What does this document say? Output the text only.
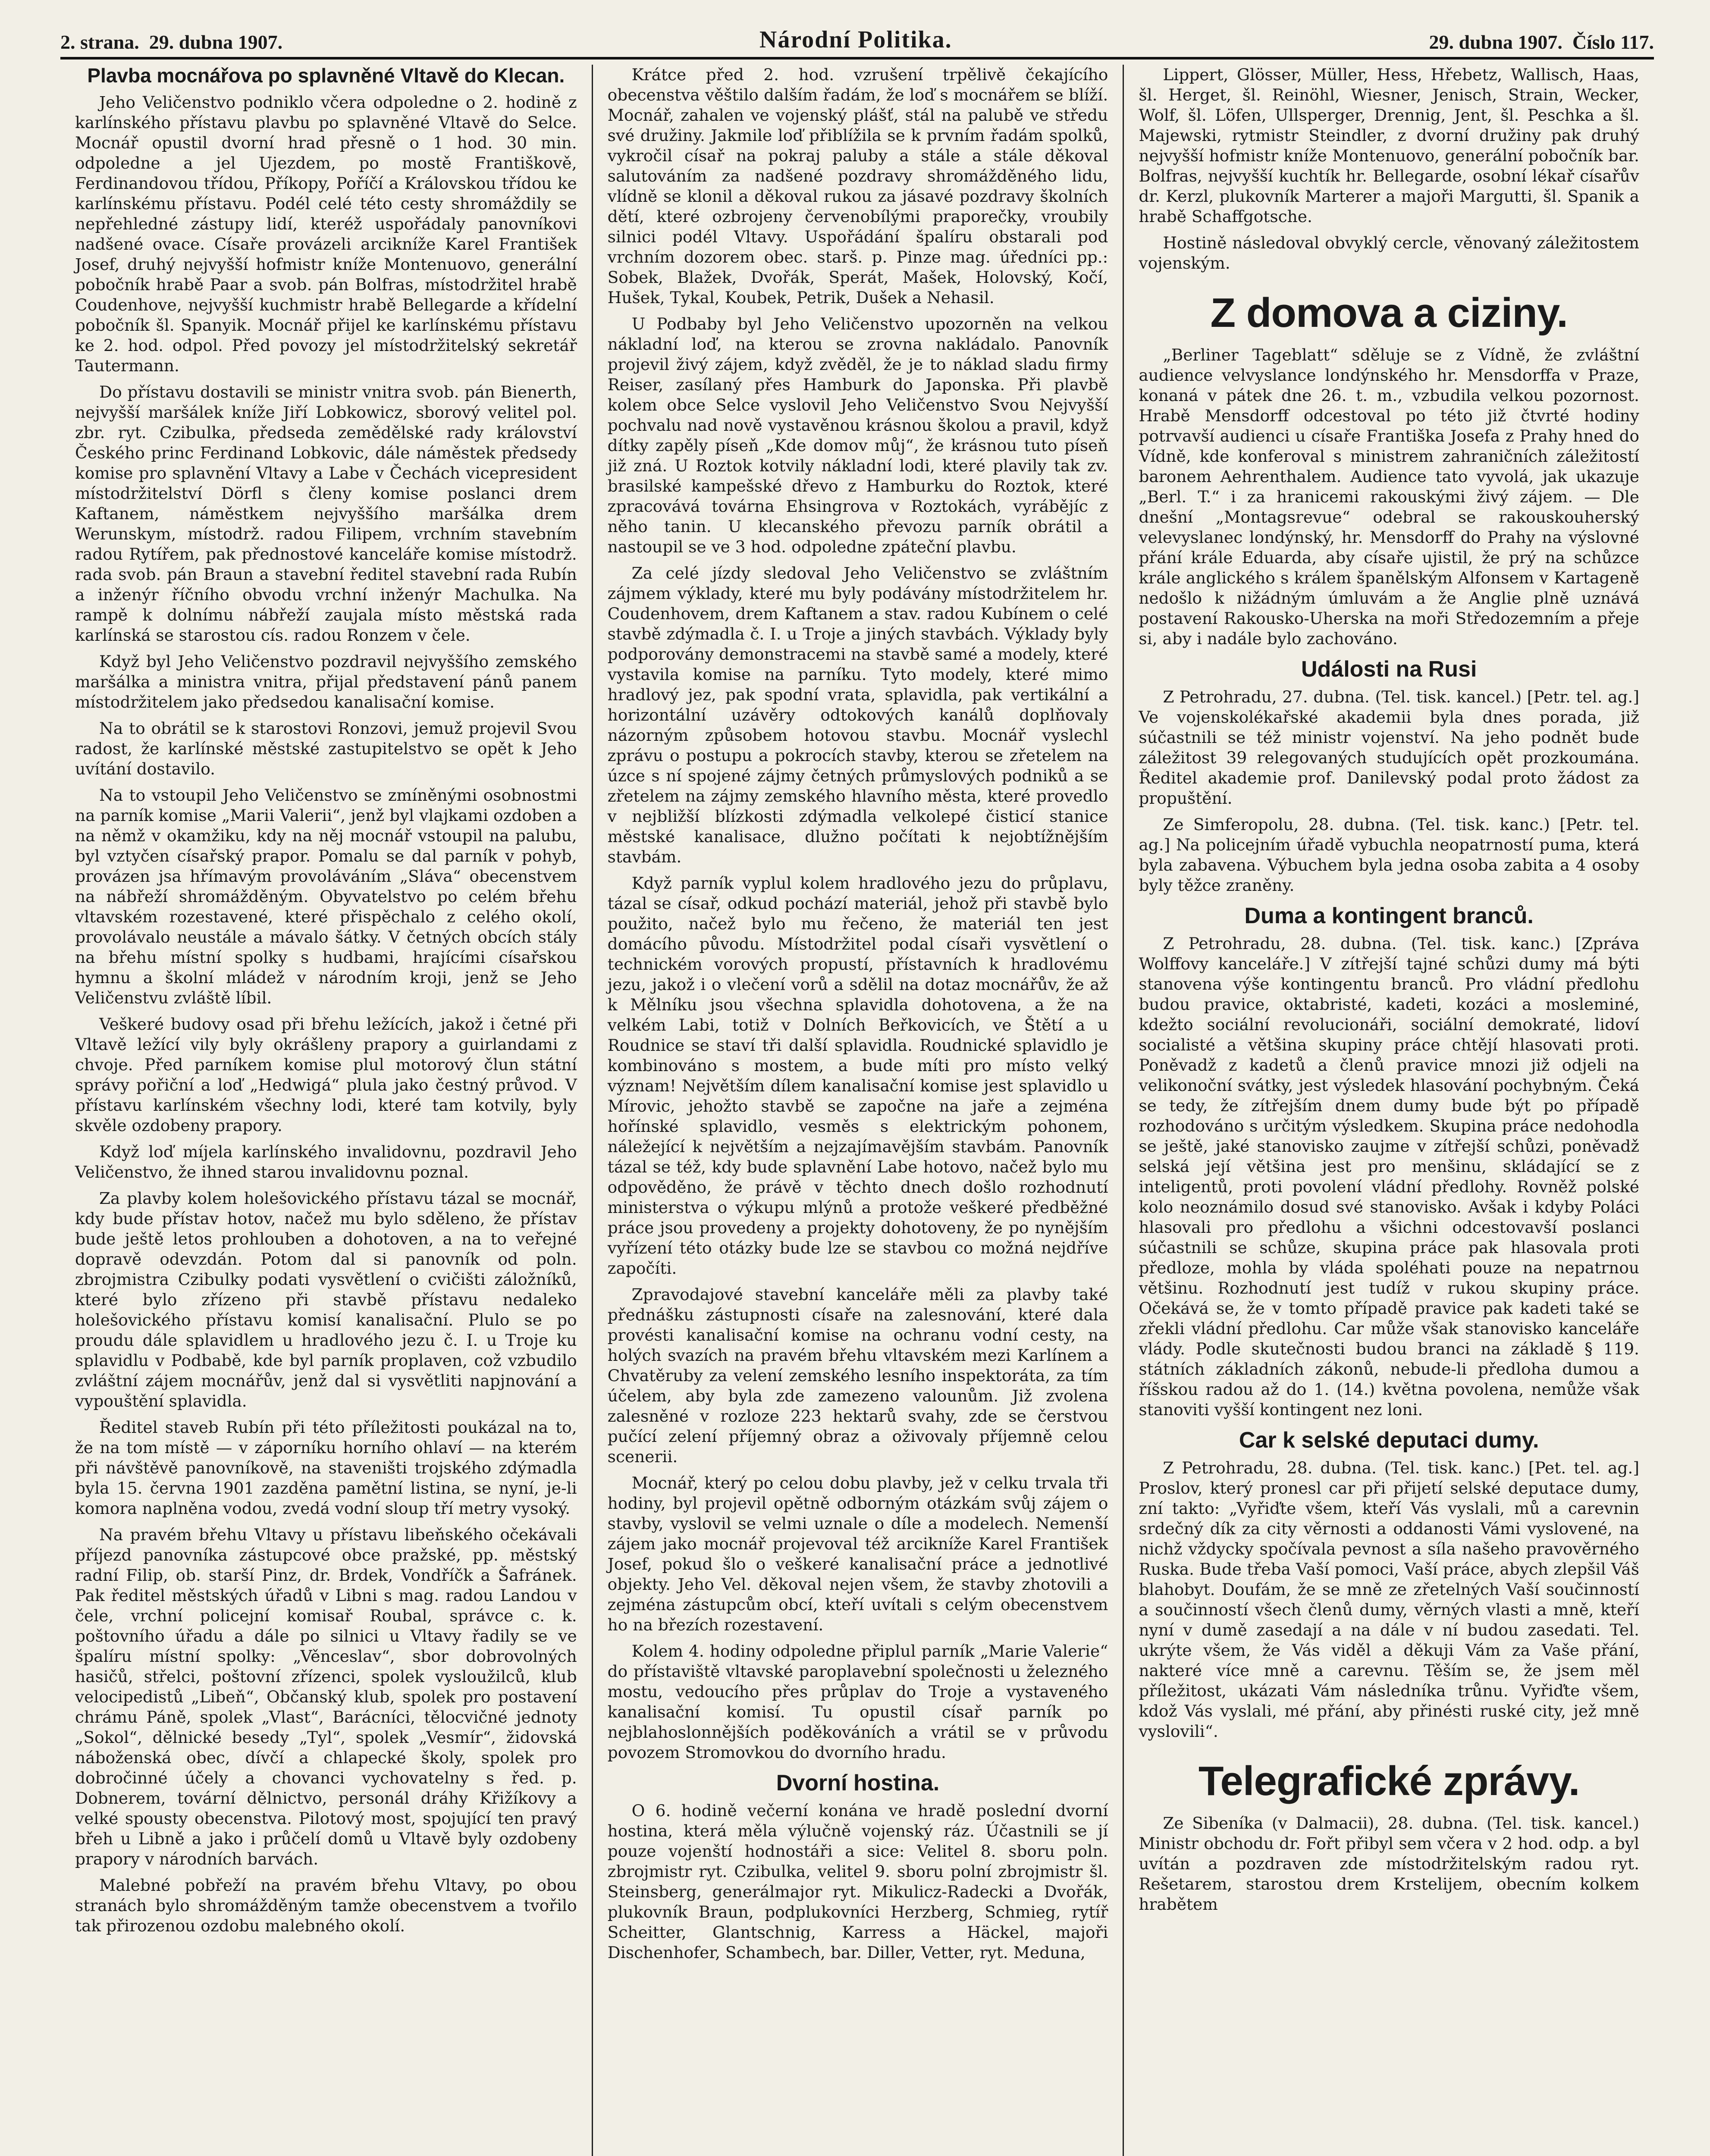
2. strana. 29. dubna 1907.	Národní Politika.	29. dubna 1907. Číslo 117.
Plavba mocnářova po splavněné Vltavě do Klecan.

Jeho Veličenstvo podniklo včera odpoledne o 2. hodině z karlínského přístavu plavbu po splavněné Vltavě do Selce. Mocnář opustil dvorní hrad přesně o 1 hod. 30 min. odpoledne a jel Ujezdem, po mostě Františkově, Ferdinandovou třídou, Příkopy, Poříčí a Královskou třídou ke karlínskému přístavu. Podél celé této cesty shromáždily se nepřehledné zástupy lidí, kteréž uspořádaly panovníkovi nadšené ovace. Císaře provázeli arcikníže Karel František Josef, druhý nejvyšší hofmistr kníže Montenuovo, generální pobočník hrabě Paar a svob. pán Bolfras, místodržitel hrabě Coudenhove, nejvyšší kuchmistr hrabě Bellegarde a křídelní pobočník šl. Spanyik. Mocnář přijel ke karlínskému přístavu ke 2. hod. odpol. Před povozy jel místodržitelský sekretář Tautermann.

Do přístavu dostavili se ministr vnitra svob. pán Bienerth, nejvyšší maršálek kníže Jiří Lobkowicz, sborový velitel pol. zbr. ryt. Czibulka, předseda zemědělské rady království Českého princ Ferdinand Lobkovic, dále náměstek předsedy komise pro splavnění Vltavy a Labe v Čechách vicepresident místodržitelství Dörfl s členy komise poslanci drem Kaftanem, náměstkem nejvyššího maršálka drem Werunskym, místodrž. radou Filipem, vrchním stavebním radou Rytířem, pak přednostové kanceláře komise místodrž. rada svob. pán Braun a stavební ředitel stavební rada Rubín a inženýr říčního obvodu vrchní inženýr Machulka. Na rampě k dolnímu nábřeží zaujala místo městská rada karlínská se starostou cís. radou Ronzem v čele.

Když byl Jeho Veličenstvo pozdravil nejvyššího zemského maršálka a ministra vnitra, přijal představení pánů panem místodržitelem jako předsedou kanalisační komise.

Na to obrátil se k starostovi Ronzovi, jemuž projevil Svou radost, že karlínské městské zastupitelstvo se opět k Jeho uvítání dostavilo.

Na to vstoupil Jeho Veličenstvo se zmíněnými osobnostmi na parník komise „Marii Valerii“, jenž byl vlajkami ozdoben a na němž v okamžiku, kdy na něj mocnář vstoupil na palubu, byl vztyčen císařský prapor. Pomalu se dal parník v pohyb, provázen jsa hřímavým provoláváním „Sláva“ obecenstvem na nábřeží shromážděným. Obyvatelstvo po celém břehu vltavském rozestavené, které přispěchalo z celého okolí, provolávalo neustále a mávalo šátky. V četných obcích stály na břehu místní spolky s hudbami, hrajícími císařskou hymnu a školní mládež v národním kroji, jenž se Jeho Veličenstvu zvláště líbil.

Veškeré budovy osad při břehu ležících, jakož i četné při Vltavě ležící vily byly okrášleny prapory a guirlandami z chvoje. Před parníkem komise plul motorový člun státní správy pořiční a loď „Hedwigá“ plula jako čestný průvod. V přístavu karlínském všechny lodi, které tam kotvily, byly skvěle ozdobeny prapory.

Když loď míjela karlínského invalidovnu, pozdravil Jeho Veličenstvo, že ihned starou invalidovnu poznal.

Za plavby kolem holešovického přístavu tázal se mocnář, kdy bude přístav hotov, načež mu bylo sděleno, že přístav bude ještě letos prohlouben a dohotoven, a na to veřejné dopravě odevzdán. Potom dal si panovník od poln. zbrojmistra Czibulky podati vysvětlení o cvičišti záložníků, které bylo zřízeno při stavbě přístavu nedaleko holešovického přístavu komisí kanalisační. Plulo se po proudu dále splavidlem u hradlového jezu č. I. u Troje ku splavidlu v Podbabě, kde byl parník proplaven, což vzbudilo zvláštní zájem mocnářův, jenž dal si vysvětliti napjnování a vypouštění splavidla.

Ředitel staveb Rubín při této příležitosti poukázal na to, že na tom místě — v záporníku horního ohlaví — na kterém při návštěvě panovníkově, na staveništi trojského zdýmadla byla 15. června 1901 zazděna pamětní listina, se nyní, je-li komora naplněna vodou, zvedá vodní sloup tří metry vysoký.

Na pravém břehu Vltavy u přístavu libeňského očekávali příjezd panovníka zástupcové obce pražské, pp. městský radní Filip, ob. starší Pinz, dr. Brdek, Vondříčk a Šafránek. Pak ředitel městských úřadů v Libni s mag. radou Landou v čele, vrchní policejní komisař Roubal, správce c. k. poštovního úřadu a dále po silnici u Vltavy řadily se ve špalíru místní spolky: „Věnceslav“, sbor dobrovolných hasičů, střelci, poštovní zřízenci, spolek vysloužilců, klub velocipedistů „Libeň“, Občanský klub, spolek pro postavení chrámu Páně, spolek „Vlast“, Barácníci, tělocvičné jednoty „Sokol“, dělnické besedy „Tyl“, spolek „Vesmír“, židovská náboženská obec, dívčí a chlapecké školy, spolek pro dobročinné účely a chovanci vychovatelny s řed. p. Dobnerem, tovární dělnictvo, personál dráhy Křižíkovy a velké spousty obecenstva. Pilotový most, spojující ten pravý břeh u Libně a jako i průčelí domů u Vltavě byly ozdobeny prapory v národních barvách.

Malebné pobřeží na pravém břehu Vltavy, po obou stranách bylo shromážděným tamže obecenstvem a tvořilo tak přirozenou ozdobu malebného okolí.

Krátce před 2. hod. vzrušení trpělivě čekajícího obecenstva věštilo dalším řadám, že loď s mocnářem se blíží. Mocnář, zahalen ve vojenský plášť, stál na palubě ve středu své družiny. Jakmile loď přiblížila se k prvním řadám spolků, vykročil císař na pokraj paluby a stále a stále děkoval salutováním za nadšené pozdravy shromážděného lidu, vlídně se klonil a děkoval rukou za jásavé pozdravy školních dětí, které ozbrojeny červenobílými praporečky, vroubily silnici podél Vltavy. Uspořádání špalíru obstarali pod vrchním dozorem obec. starš. p. Pinze mag. úředníci pp.: Sobek, Blažek, Dvořák, Sperát, Mašek, Holovský, Kočí, Hušek, Tykal, Koubek, Petrik, Dušek a Nehasil.

U Podbaby byl Jeho Veličenstvo upozorněn na velkou nákladní loď, na kterou se zrovna nakládalo. Panovník projevil živý zájem, když zvěděl, že je to náklad sladu firmy Reiser, zasílaný přes Hamburk do Japonska. Při plavbě kolem obce Selce vyslovil Jeho Veličenstvo Svou Nejvyšší pochvalu nad nově vystavěnou krásnou školou a pravil, když dítky zapěly píseň „Kde domov můj“, že krásnou tuto píseň již zná. U Roztok kotvily nákladní lodi, které plavily tak zv. brasilské kampešské dřevo z Hamburku do Roztok, které zpracovává továrna Ehsingrova v Roztokách, vyrábějíc z něho tanin. U klecanského převozu parník obrátil a nastoupil se ve 3 hod. odpoledne zpáteční plavbu.

Za celé jízdy sledoval Jeho Veličenstvo se zvláštním zájmem výklady, které mu byly podávány místodržitelem hr. Coudenhovem, drem Kaftanem a stav. radou Kubínem o celé stavbě zdýmadla č. I. u Troje a jiných stavbách. Výklady byly podporovány demonstracemi na stavbě samé a modely, které vystavila komise na parníku. Tyto modely, které mimo hradlový jez, pak spodní vrata, splavidla, pak vertikální a horizontální uzávěry odtokových kanálů doplňovaly názorným způsobem hotovou stavbu. Mocnář vyslechl zprávu o postupu a pokrocích stavby, kterou se zřetelem na úzce s ní spojené zájmy četných průmyslových podniků a se zřetelem na zájmy zemského hlavního města, které provedlo v nejbližší blízkosti zdýmadla velkolepé čisticí stanice městské kanalisace, dlužno počítati k nejobtížnějším stavbám.

Když parník vyplul kolem hradlového jezu do průplavu, tázal se císař, odkud pochází materiál, jehož při stavbě bylo použito, načež bylo mu řečeno, že materiál ten jest domácího původu. Místodržitel podal císaři vysvětlení o technickém vorových propustí, přístavních k hradlovému jezu, jakož i o vlečení vorů a sdělil na dotaz mocnářův, že až k Mělníku jsou všechna splavidla dohotovena, a že na velkém Labi, totiž v Dolních Beřkovicích, ve Štětí a u Roudnice se staví tři další splavidla. Roudnické splavidlo je kombinováno s mostem, a bude míti pro místo velký význam! Největším dílem kanalisační komise jest splavidlo u Mírovic, jehožto stavbě se započne na jaře a zejména hořínské splavidlo, vesměs s elektrickým pohonem, náležející k největším a nejzajímavějším stavbám. Panovník tázal se též, kdy bude splavnění Labe hotovo, načež bylo mu odpověděno, že právě v těchto dnech došlo rozhodnutí ministerstva o výkupu mlýnů a protože veškeré předběžné práce jsou provedeny a projekty dohotoveny, že po nynějším vyřízení této otázky bude lze se stavbou co možná nejdříve započíti.

Zpravodajové stavební kanceláře měli za plavby také přednášku zástupnosti císaře na zalesnování, které dala provésti kanalisační komise na ochranu vodní cesty, na holých svazích na pravém břehu vltavském mezi Karlínem a Chvatěruby za velení zemského lesního inspektoráta, za tím účelem, aby byla zde zamezeno valounům. Již zvolena zalesněné v rozloze 223 hektarů svahy, zde se čerstvou pučící zelení příjemný obraz a oživovaly příjemně celou scenerii.

Mocnář, který po celou dobu plavby, jež v celku trvala tři hodiny, byl projevil opětně odborným otázkám svůj zájem o stavby, vyslovil se velmi uznale o díle a modelech. Nemenší zájem jako mocnář projevoval též arcikníže Karel František Josef, pokud šlo o veškeré kanalisační práce a jednotlivé objekty. Jeho Vel. děkoval nejen všem, že stavby zhotovili a zejména zástupcům obcí, kteří uvítali s celým obecenstvem ho na březích rozestavení.

Kolem 4. hodiny odpoledne připlul parník „Marie Valerie“ do přístaviště vltavské paroplavební společnosti u železného mostu, vedoucího přes průplav do Troje a vystaveného kanalisační komisí. Tu opustil císař parník po nejblahoslonnějších poděkováních a vrátil se v průvodu povozem Stromovkou do dvorního hradu.

Dvorní hostina.

O 6. hodině večerní konána ve hradě poslední dvorní hostina, která měla výlučně vojenský ráz. Účastnili se jí pouze vojenští hodnostáři a sice: Velitel 8. sboru poln. zbrojmistr ryt. Czibulka, velitel 9. sboru polní zbrojmistr šl. Steinsberg, generálmajor ryt. Mikulicz-Radecki a Dvořák, plukovník Braun, podplukovníci Herzberg, Schmieg, rytíř Scheitter, Glantschnig, Karress a Häckel, majoři Dischenhofer, Schambech, bar. Diller, Vetter, ryt. Meduna,

Lippert, Glösser, Müller, Hess, Hřebetz, Wallisch, Haas, šl. Herget, šl. Reinöhl, Wiesner, Jenisch, Strain, Wecker, Wolf, šl. Löfen, Ullsperger, Drennig, Jent, šl. Peschka a šl. Majewski, rytmistr Steindler, z dvorní družiny pak druhý nejvyšší hofmistr kníže Montenuovo, generální pobočník bar. Bolfras, nejvyšší kuchtík hr. Bellegarde, osobní lékař císařův dr. Kerzl, plukovník Marterer a majoři Margutti, šl. Spanik a hrabě Schaffgotsche.

Hostině následoval obvyklý cercle, věnovaný záležitostem vojenským.

Z domova a ciziny.

„Berliner Tageblatt“ sděluje se z Vídně, že zvláštní audience velvyslance londýnského hr. Mensdorffa v Praze, konaná v pátek dne 26. t. m., vzbudila velkou pozornost. Hrabě Mensdorff odcestoval po této již čtvrté hodiny potrvavší audienci u císaře Františka Josefa z Prahy hned do Vídně, kde konferoval s ministrem zahraničních záležitostí baronem Aehrenthalem. Audience tato vyvolá, jak ukazuje „Berl. T.“ i za hranicemi rakouskými živý zájem. — Dle dnešní „Montagsrevue“ odebral se rakouskouherský velevyslanec londýnský, hr. Mensdorff do Prahy na výslovné přání krále Eduarda, aby císaře ujistil, že prý na schůzce krále anglického s králem španělským Alfonsem v Kartageně nedošlo k nižádným úmluvám a že Anglie plně uznává postavení Rakousko-Uherska na moři Středozemním a přeje si, aby i nadále bylo zachováno.

Události na Rusi

Z Petrohradu, 27. dubna. (Tel. tisk. kancel.) [Petr. tel. ag.] Ve vojenskolékařské akademii byla dnes porada, již súčastnili se též ministr vojenství. Na jeho podnět bude záležitost 39 relegovaných studujících opět prozkoumána. Ředitel akademie prof. Danilevský podal proto žádost za propuštění.

Ze Simferopolu, 28. dubna. (Tel. tisk. kanc.) [Petr. tel. ag.] Na policejním úřadě vybuchla neopatrností puma, která byla zabavena. Výbuchem byla jedna osoba zabita a 4 osoby byly těžce zraněny.

Duma a kontingent branců.

Z Petrohradu, 28. dubna. (Tel. tisk. kanc.) [Zpráva Wolffovy kanceláře.] V zítřejší tajné schůzi dumy má býti stanovena výše kontingentu branců. Pro vládní předlohu budou pravice, oktabristé, kadeti, kozáci a mosleminé, kdežto sociální revolucionáři, sociální demokraté, lidoví socialisté a většina skupiny práce chtějí hlasovati proti. Poněvadž z kadetů a členů pravice mnozi již odjeli na velikonoční svátky, jest výsledek hlasování pochybným. Čeká se tedy, že zítřejším dnem dumy bude být po případě rozhodováno s určitým výsledkem. Skupina práce nedohodla se ještě, jaké stanovisko zaujme v zítřejší schůzi, poněvadž selská její většina jest pro menšinu, skládající se z inteligentů, proti povolení vládní předlohy. Rovněž polské kolo neoznámilo dosud své stanovisko. Avšak i kdyby Poláci hlasovali pro předlohu a všichni odcestovavší poslanci súčastnili se schůze, skupina práce pak hlasovala proti předloze, mohla by vláda spoléhati pouze na nepatrnou většinu. Rozhodnutí jest tudíž v rukou skupiny práce. Očekává se, že v tomto případě pravice pak kadeti také se zřekli vládní předlohu. Car může však stanovisko kanceláře vlády. Podle skutečnosti budou branci na základě § 119. státních základních zákonů, nebude-li předloha dumou a říšskou radou až do 1. (14.) května povolena, nemůže však stanoviti vyšší kontingent nez loni.

Car k selské deputaci dumy.

Z Petrohradu, 28. dubna. (Tel. tisk. kanc.) [Pet. tel. ag.] Proslov, který pronesl car při přijetí selské deputace dumy, zní takto: „Vyřiďte všem, kteří Vás vyslali, mů a carevnin srdečný dík za city věrnosti a oddanosti Vámi vyslovené, na nichž vždycky spočívala pevnost a síla našeho pravověrného Ruska. Bude třeba Vaší pomoci, Vaší práce, abych zlepšil Váš blahobyt. Doufám, že se mně ze zřetelných Vaší součinností a součinností všech členů dumy, věrných vlasti a mně, kteří nyní v dumě zasedají a na dále v ní budou zasedati. Tel. ukrýte všem, že Vás viděl a děkuji Vám za Vaše přání, nakteré více mně a carevnu. Těším se, že jsem měl příležitost, ukázati Vám následníka trůnu. Vyřiďte všem, kdož Vás vyslali, mé přání, aby přinésti ruské city, jež mně vyslovili“.

Telegrafické zprávy.

Ze Sibeníka (v Dalmacii), 28. dubna. (Tel. tisk. kancel.) Ministr obchodu dr. Fořt přibyl sem včera v 2 hod. odp. a byl uvítán a pozdraven zde místodržitelským radou ryt. Rešetarem, starostou drem Krstelijem, obecním kolkem hrabětem
